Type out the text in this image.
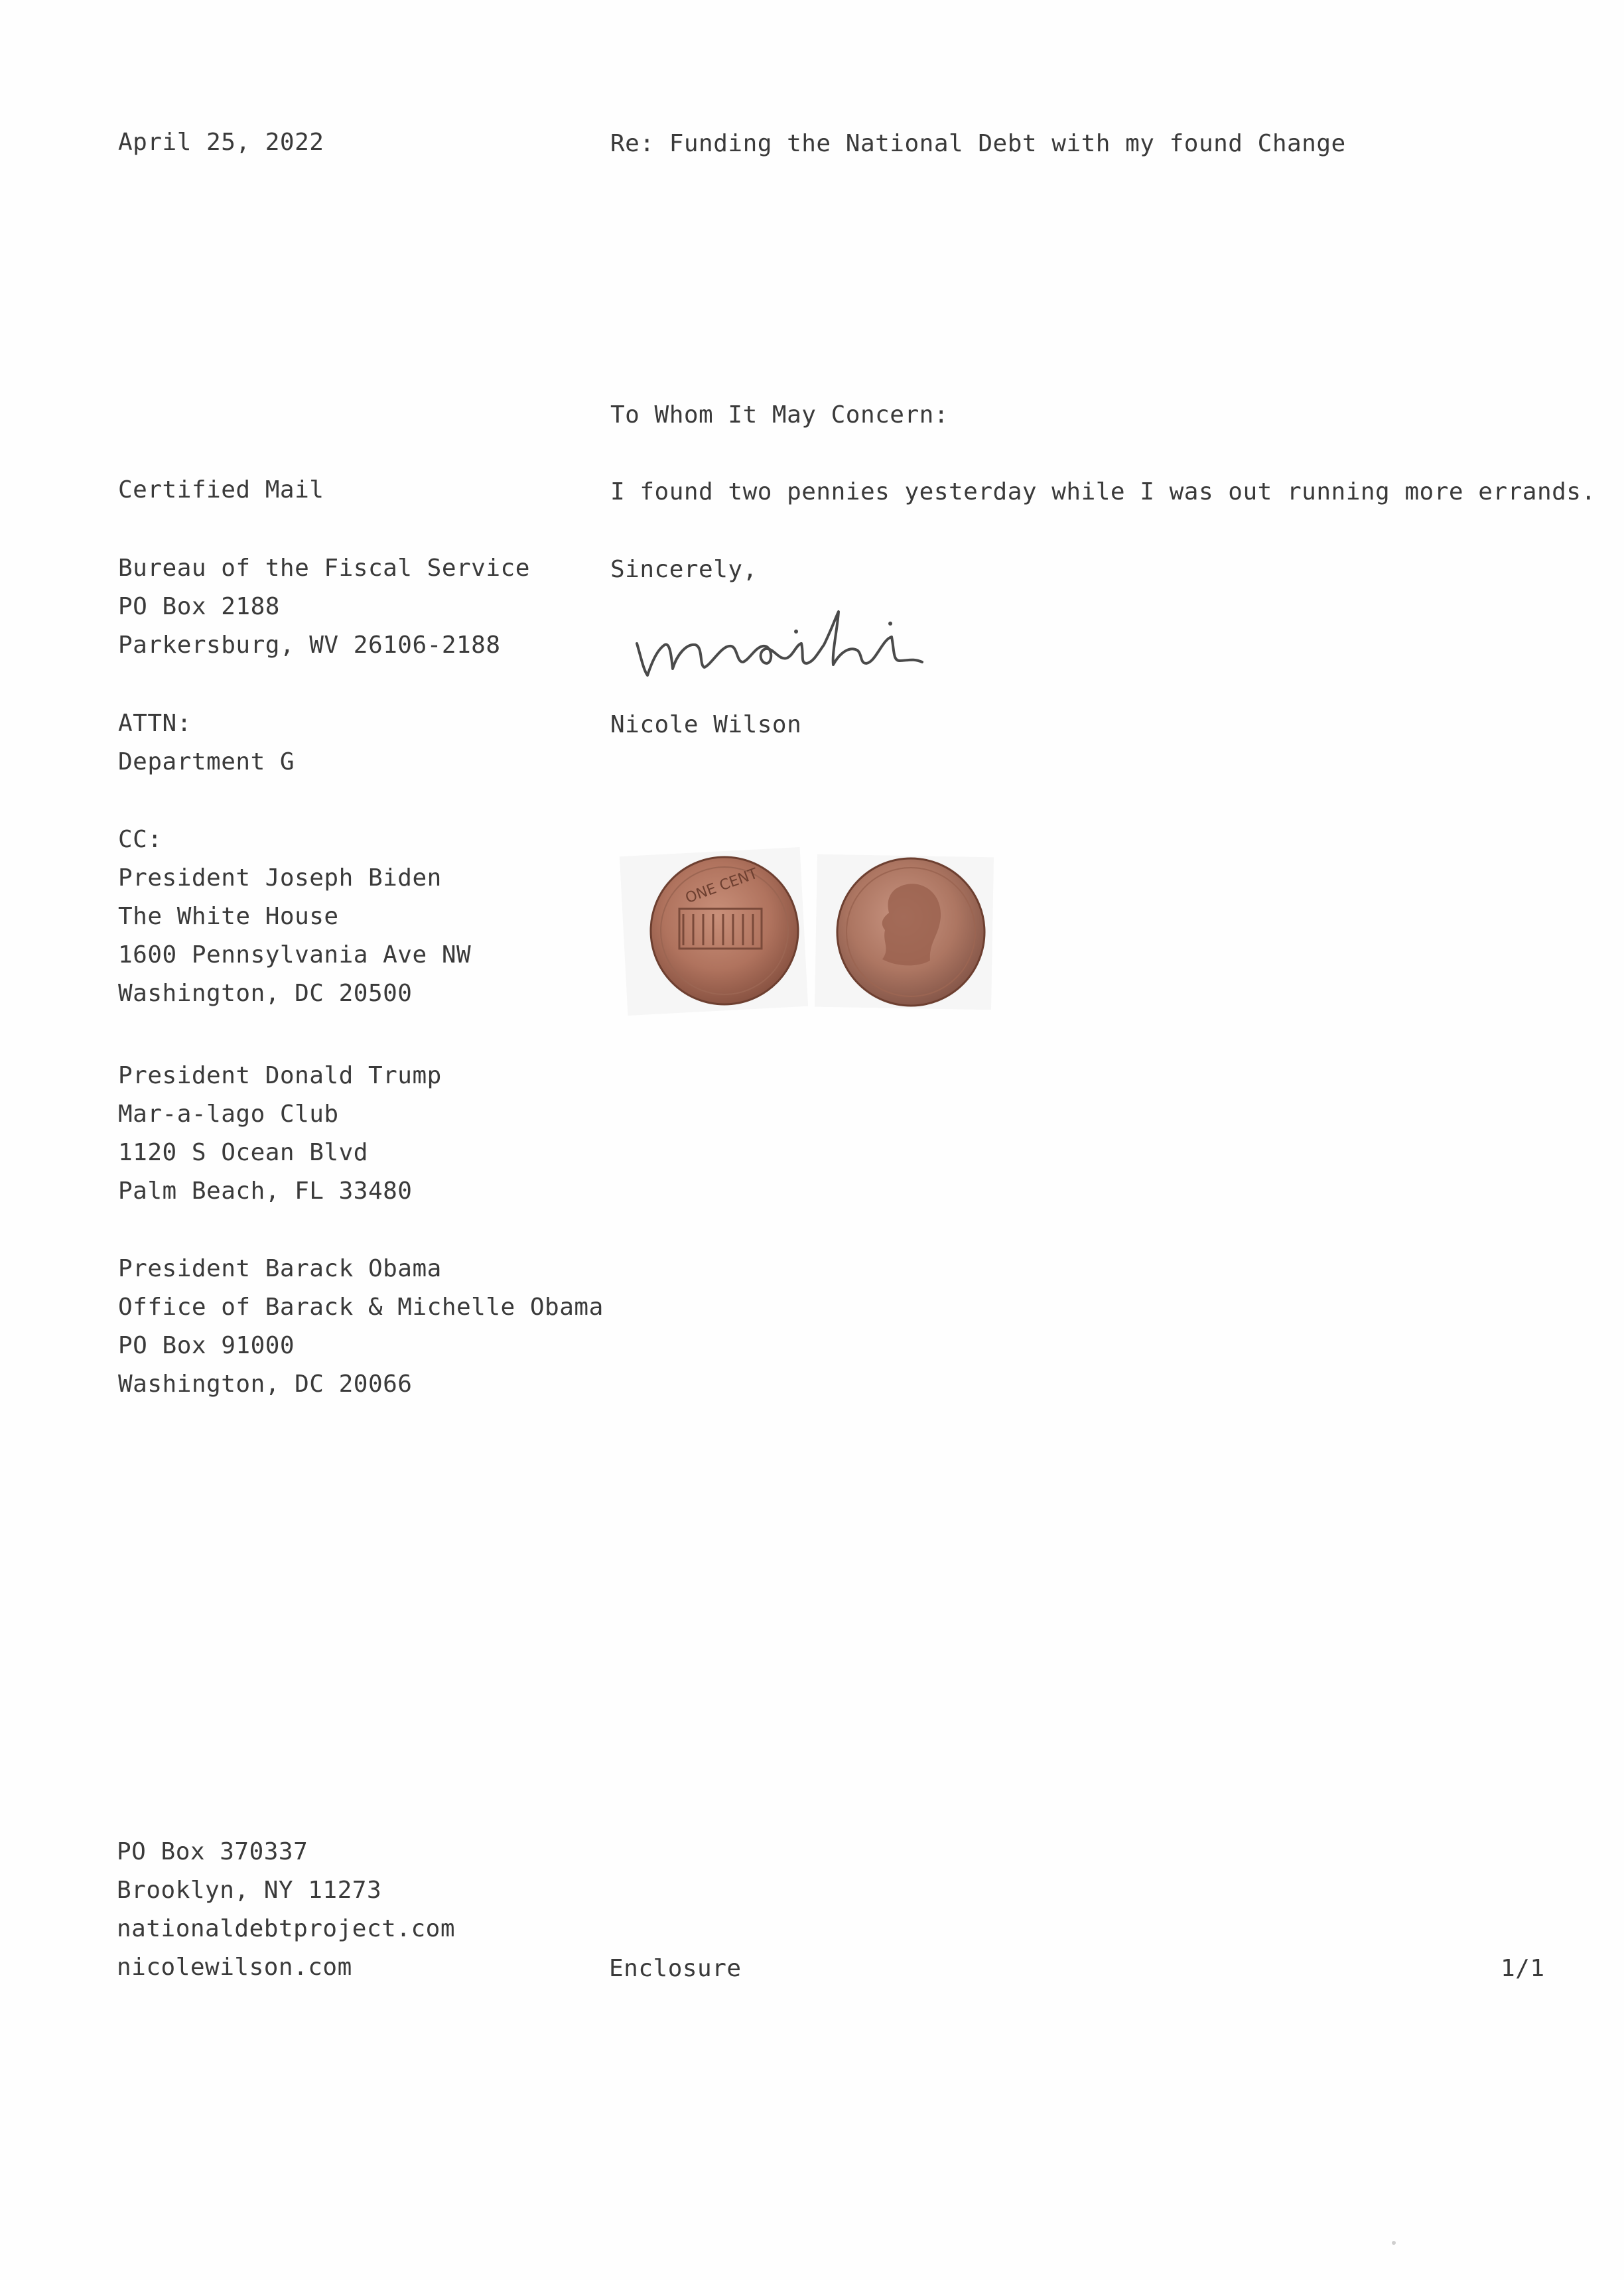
April 25, 2022	Re: Funding the National Debt with my found Change
To Whom It May Concern:
I found two pennies yesterday while I was out running more errands.
Sincerely,
Nicole Wilson
ONE CENT
Certified Mail
Bureau of the Fiscal Service
PO Box 2188
Parkersburg, WV 26106-2188
ATTN:
Department G
CC:
President Joseph Biden
The White House
1600 Pennsylvania Ave NW
Washington, DC 20500
President Donald Trump
Mar-a-lago Club
1120 S Ocean Blvd
Palm Beach, FL 33480
President Barack Obama
Office of Barack & Michelle Obama
PO Box 91000
Washington, DC 20066
PO Box 370337
Brooklyn, NY 11273
nationaldebtproject.com
nicolewilson.com	Enclosure	1/1
